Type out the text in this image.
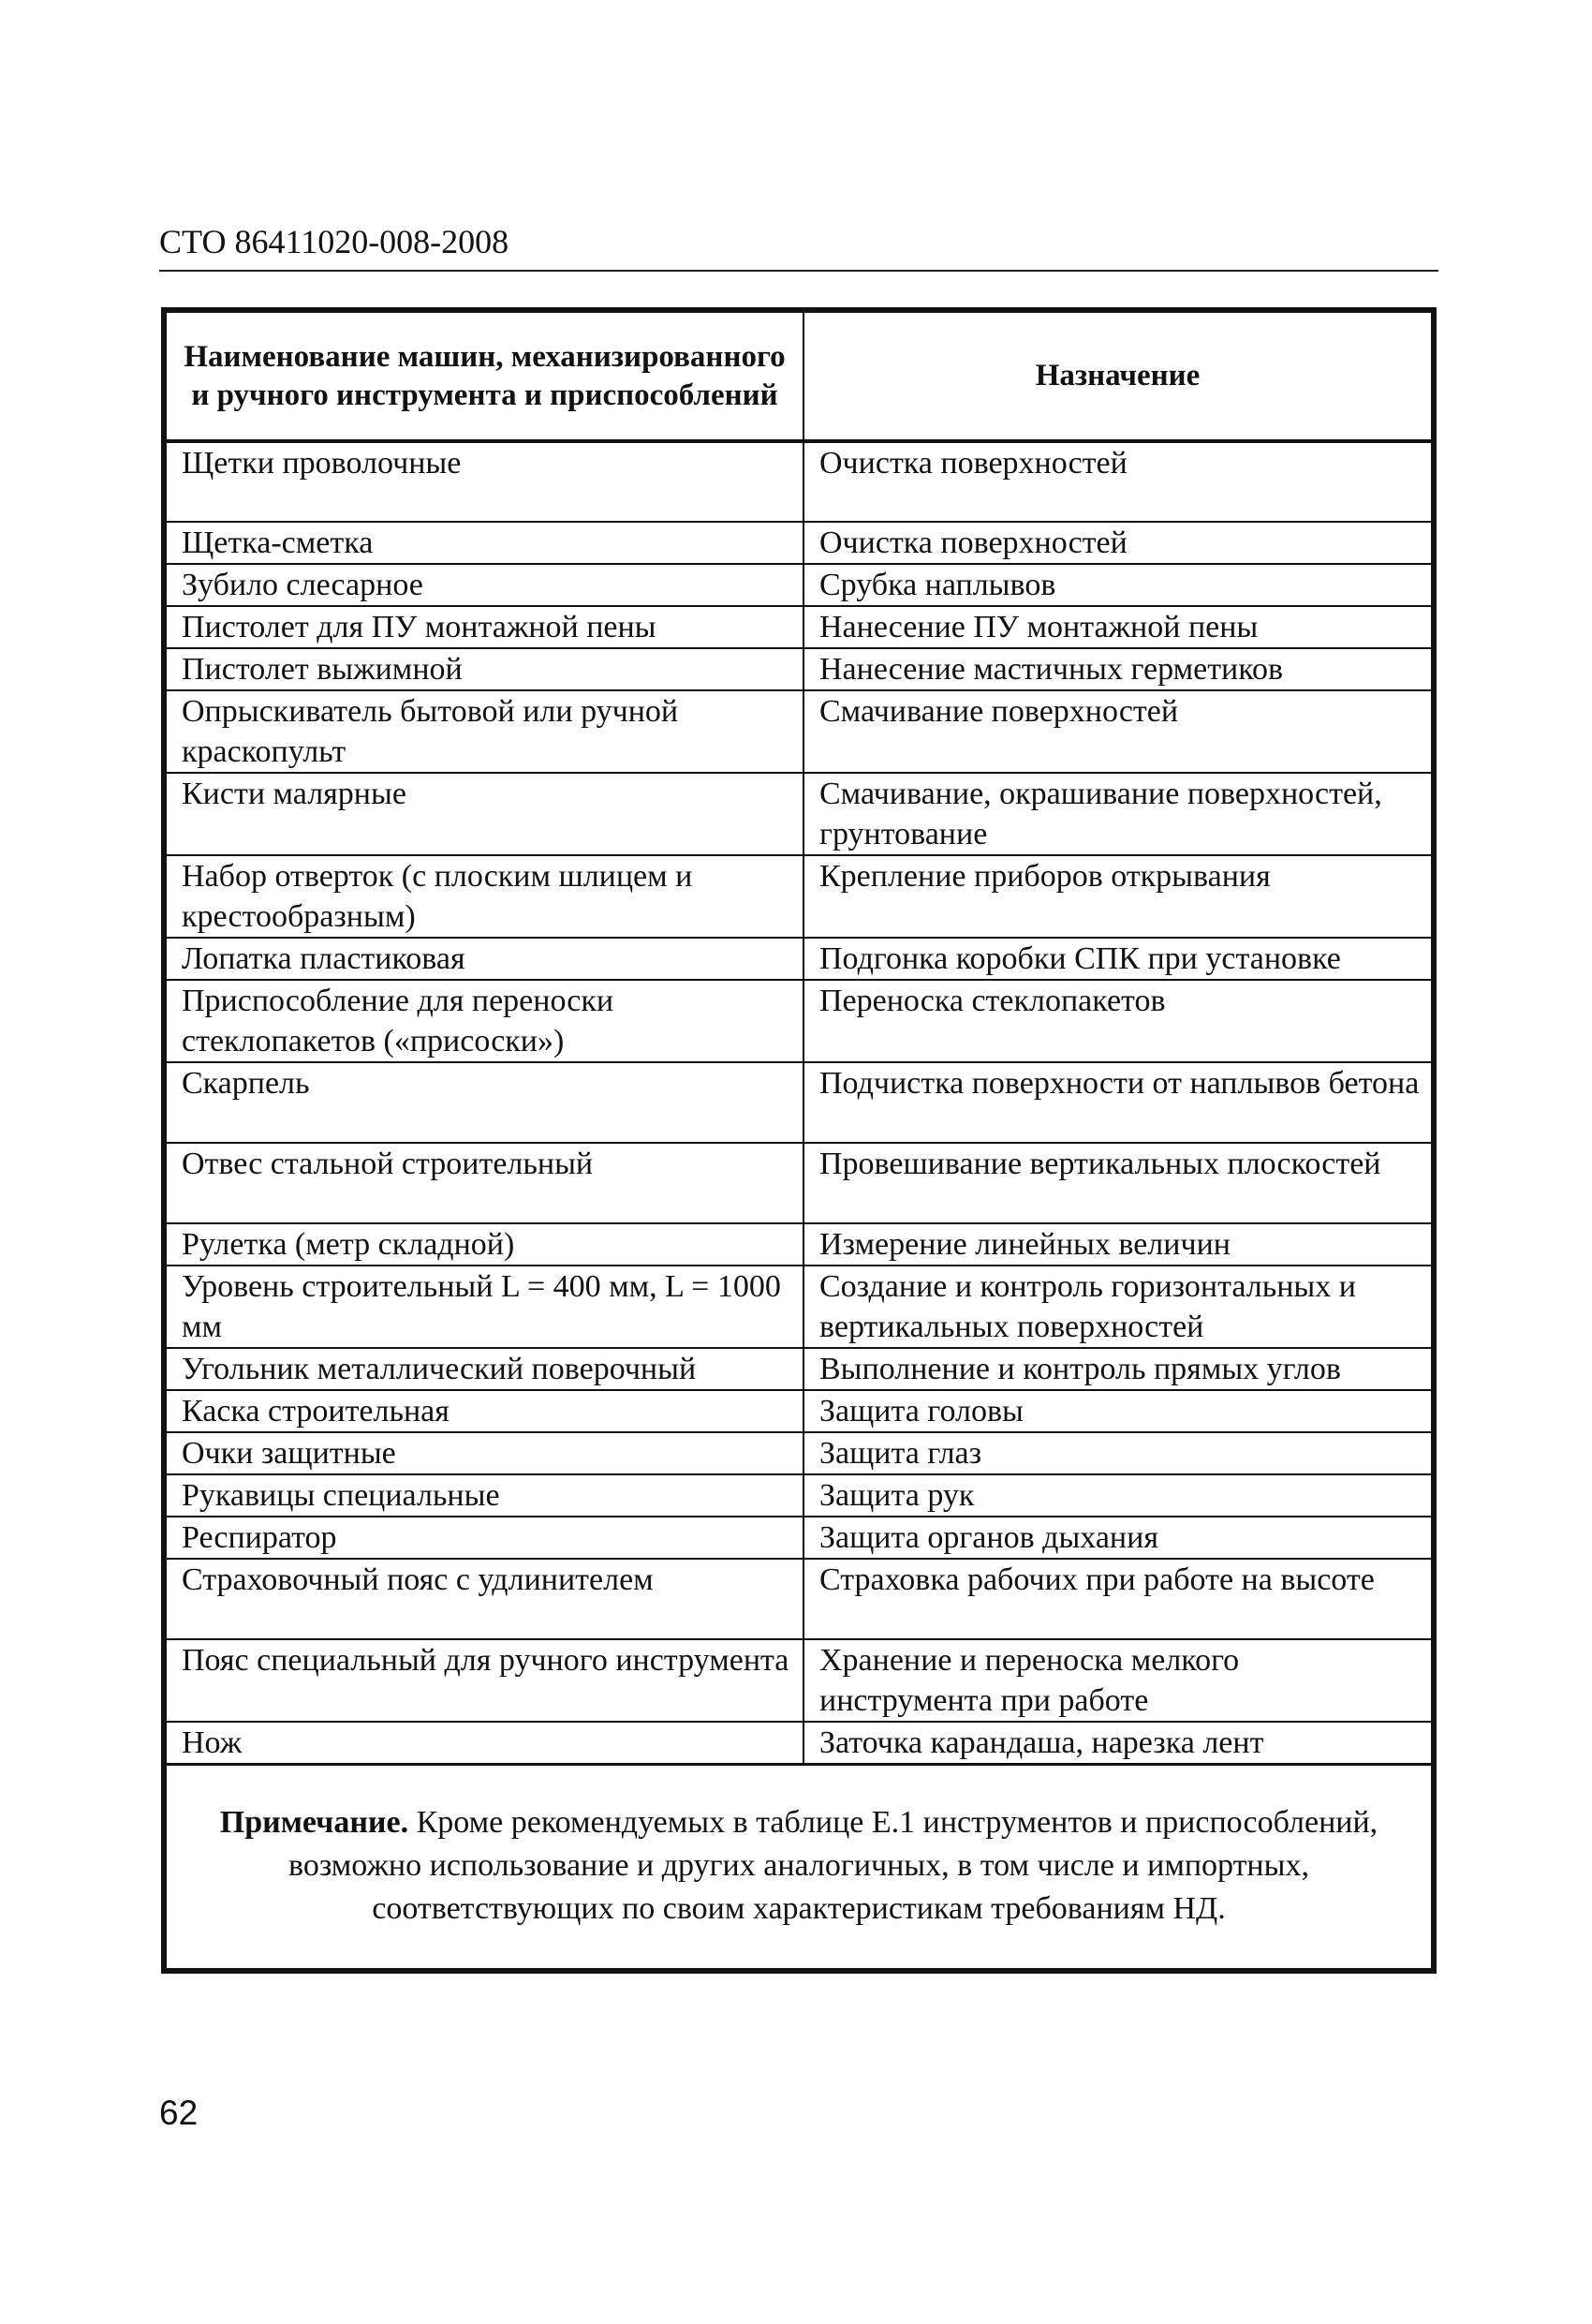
СТО 86411020-008-2008
Наименование машин, механизированного и ручного инструмента и приспособлений	Назначение
Щетки проволочные	Очистка поверхностей
Щетка-сметка	Очистка поверхностей
Зубило слесарное	Срубка наплывов
Пистолет для ПУ монтажной пены	Нанесение ПУ монтажной пены
Пистолет выжимной	Нанесение мастичных герметиков
Опрыскиватель бытовой или ручной краскопульт	Смачивание поверхностей
Кисти малярные	Смачивание, окрашивание поверхностей, грунтование
Набор отверток (с плоским шлицем и крестообразным)	Крепление приборов открывания
Лопатка пластиковая	Подгонка коробки СПК при установке
Приспособление для переноски стеклопакетов («присоски»)	Переноска стеклопакетов
Скарпель	Подчистка поверхности от наплывов бетона
Отвес стальной строительный	Провешивание вертикальных плоскостей
Рулетка (метр складной)	Измерение линейных величин
Уровень строительный L = 400 мм, L = 1000 мм	Создание и контроль горизонтальных и вертикальных поверхностей
Угольник металлический поверочный	Выполнение и контроль прямых углов
Каска строительная	Защита головы
Очки защитные	Защита глаз
Рукавицы специальные	Защита рук
Респиратор	Защита органов дыхания
Страховочный пояс с удлинителем	Страховка рабочих при работе на высоте
Пояс специальный для ручного инструмента	Хранение и переноска мелкого инструмента при работе
Нож	Заточка карандаша, нарезка лент
Примечание. Кроме рекомендуемых в таблице Е.1 инструментов и приспособлений, возможно использование и других аналогичных, в том числе и импортных, соответствующих по своим характеристикам требованиям НД.	
62
